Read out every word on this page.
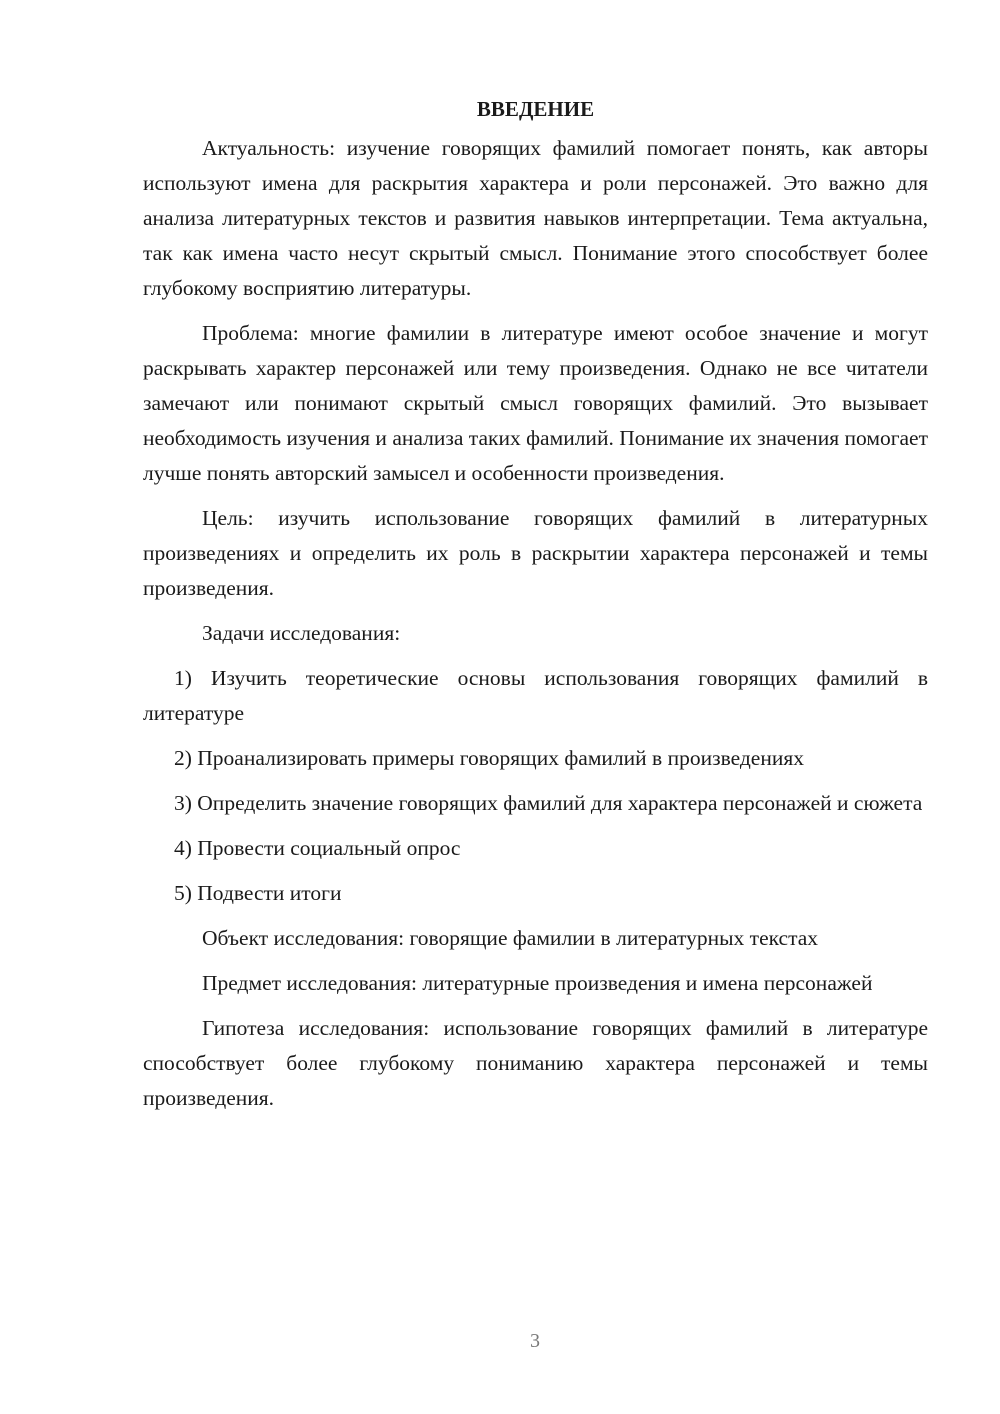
ВВЕДЕНИЕ

Актуальность: изучение говорящих фамилий помогает понять, как авторы используют имена для раскрытия характера и роли персонажей. Это важно для анализа литературных текстов и развития навыков интерпретации. Тема актуальна, так как имена часто несут скрытый смысл. Понимание этого способствует более глубокому восприятию литературы.

Проблема: многие фамилии в литературе имеют особое значение и могут раскрывать характер персонажей или тему произведения. Однако не все читатели замечают или понимают скрытый смысл говорящих фамилий. Это вызывает необходимость изучения и анализа таких фамилий. Понимание их значения помогает лучше понять авторский замысел и особенности произведения.

Цель: изучить использование говорящих фамилий в литературных произведениях и определить их роль в раскрытии характера персонажей и темы произведения.

Задачи исследования:

1) Изучить теоретические основы использования говорящих фамилий в литературе

2) Проанализировать примеры говорящих фамилий в произведениях

3) Определить значение говорящих фамилий для характера персонажей и сюжета

4) Провести социальный опрос

5) Подвести итоги

Объект исследования: говорящие фамилии в литературных текстах

Предмет исследования: литературные произведения и имена персонажей

Гипотеза исследования: использование говорящих фамилий в литературе способствует более глубокому пониманию характера персонажей и темы произведения.

3
